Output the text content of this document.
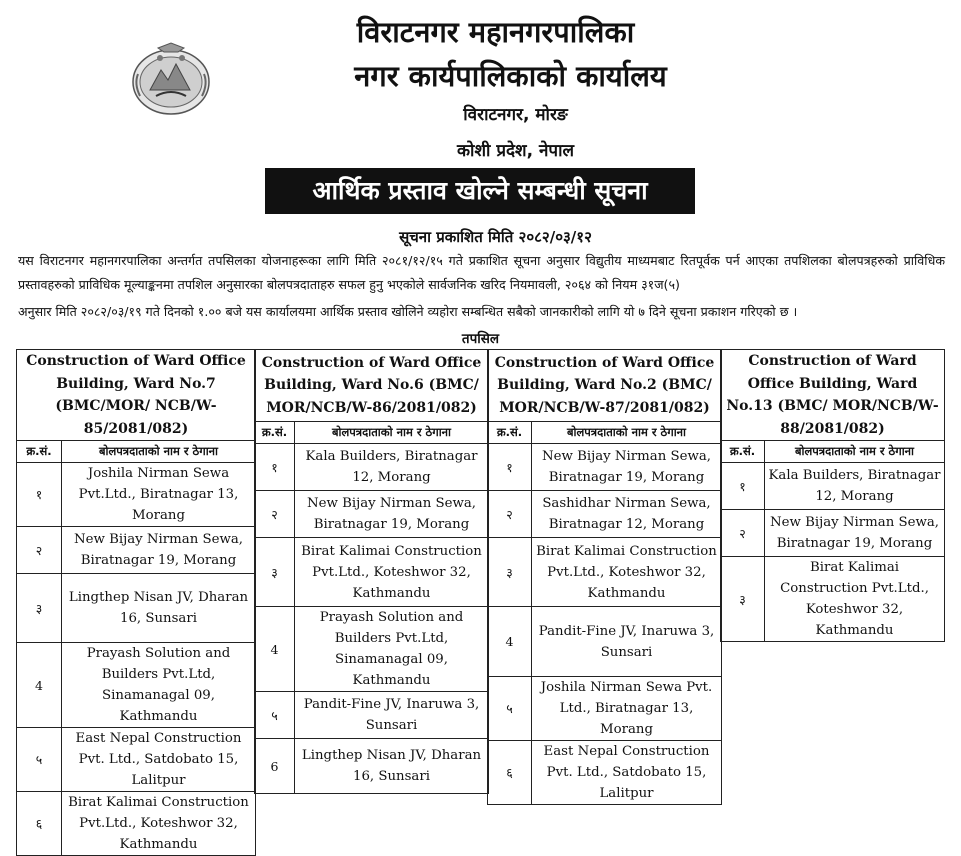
विराटनगर महानगरपालिका
नगर कार्यपालिकाको कार्यालय
विराटनगर, मोरङ
कोशी प्रदेश, नेपाल
आर्थिक प्रस्ताव खोल्ने सम्बन्धी सूचना
सूचना प्रकाशित मिति २०८२/०३/१२
यस विराटनगर महानगरपालिका अन्तर्गत तपसिलका योजनाहरूका लागि मिति २०८१/१२/१५ गते प्रकाशित सूचना अनुसार विद्युतीय माध्यमबाट रितपूर्वक पर्न आएका तपशिलका बोलपत्रहरुको प्राविधिक प्रस्तावहरुको प्राविधिक मूल्याङ्कनमा तपशिल अनुसारका बोलपत्रदाताहरु सफल हुनु भएकोले सार्वजनिक खरिद नियमावली, २०६४ को नियम ३१ज(५)
अनुसार मिति २०८२/०३/१९ गते दिनको १.०० बजे यस कार्यालयमा आर्थिक प्रस्ताव खोलिने व्यहोरा सम्बन्धित सबैको जानकारीको लागि यो ७ दिने सूचना प्रकाशन गरिएको छ ।
तपसिल
Construction of Ward Office Building, Ward No.7 (BMC/MOR/ NCB/W-85/2081/082)	
क्र.सं.	बोलपत्रदाताको नाम र ठेगाना
१	Joshila Nirman Sewa Pvt.Ltd., Biratnagar 13, Morang
२	New Bijay Nirman Sewa, Biratnagar 19, Morang
३	Lingthep Nisan JV, Dharan 16, Sunsari
4	Prayash Solution and Builders Pvt.Ltd, Sinamanagal 09, Kathmandu
५	East Nepal Construction Pvt. Ltd., Satdobato 15, Lalitpur
६	Birat Kalimai Construction Pvt.Ltd., Koteshwor 32, Kathmandu
Construction of Ward Office Building, Ward No.6 (BMC/ MOR/NCB/W-86/2081/082)	
क्र.सं.	बोलपत्रदाताको नाम र ठेगाना
१	Kala Builders, Biratnagar 12, Morang
२	New Bijay Nirman Sewa, Biratnagar 19, Morang
३	Birat Kalimai Construction Pvt.Ltd., Koteshwor 32, Kathmandu
4	Prayash Solution and Builders Pvt.Ltd, Sinamanagal 09, Kathmandu
५	Pandit-Fine JV, Inaruwa 3, Sunsari
6	Lingthep Nisan JV, Dharan 16, Sunsari
Construction of Ward Office Building, Ward No.2 (BMC/ MOR/NCB/W-87/2081/082)	
क्र.सं.	बोलपत्रदाताको नाम र ठेगाना
१	New Bijay Nirman Sewa, Biratnagar 19, Morang
२	Sashidhar Nirman Sewa, Biratnagar 12, Morang
३	Birat Kalimai Construction Pvt.Ltd., Koteshwor 32, Kathmandu
4	Pandit-Fine JV, Inaruwa 3, Sunsari
५	Joshila Nirman Sewa Pvt. Ltd., Biratnagar 13, Morang
६	East Nepal Construction Pvt. Ltd., Satdobato 15, Lalitpur
Construction of Ward Office Building, Ward No.13 (BMC/ MOR/NCB/W-88/2081/082)	
क्र.सं.	बोलपत्रदाताको नाम र ठेगाना
१	Kala Builders, Biratnagar 12, Morang
२	New Bijay Nirman Sewa, Biratnagar 19, Morang
३	Birat Kalimai Construction Pvt.Ltd., Koteshwor 32, Kathmandu
